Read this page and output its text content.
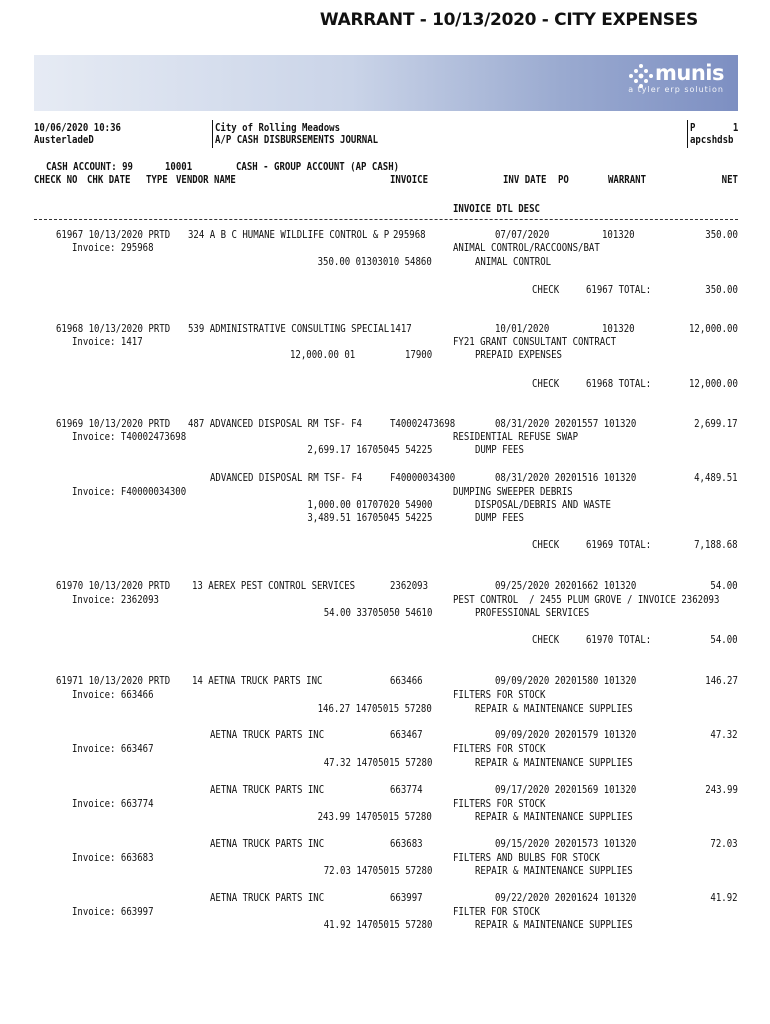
WARRANT - 10/13/2020 - CITY EXPENSES
munis
a tyler erp solution
10/06/2020 10:36
AusterladeD
City of Rolling Meadows
A/P CASH DISBURSEMENTS JOURNAL
P	1
apcshdsb
CASH ACCOUNT: 99	10001	CASH - GROUP ACCOUNT (AP CASH)
CHECK NO CHK DATE TYPE VENDOR NAME	INVOICE	INV DATE PO	WARRANT	NET
INVOICE DTL DESC
61967 10/13/2020 PRTD 324 A B C HUMANE WILDLIFE CONTROL & P 295968	07/07/2020	101320	350.00
Invoice: 295968	ANIMAL CONTROL/RACCOONS/BAT
350.00 01303010 54860	ANIMAL CONTROL
CHECK	61967 TOTAL:	350.00
61968 10/13/2020 PRTD 539 ADMINISTRATIVE CONSULTING SPECIAL 1417	10/01/2020	101320	12,000.00
Invoice: 1417	FY21 GRANT CONSULTANT CONTRACT
12,000.00 01	17900	PREPAID EXPENSES
CHECK	61968 TOTAL:	12,000.00
61969 10/13/2020 PRTD 487 ADVANCED DISPOSAL RM TSF- F4	T40002473698	08/31/2020 20201557 101320	2,699.17
Invoice: T40002473698	RESIDENTIAL REFUSE SWAP
2,699.17 16705045 54225	DUMP FEES
ADVANCED DISPOSAL RM TSF- F4	F40000034300	08/31/2020 20201516 101320	4,489.51
Invoice: F40000034300	DUMPING SWEEPER DEBRIS
1,000.00 01707020 54900	DISPOSAL/DEBRIS AND WASTE
3,489.51 16705045 54225	DUMP FEES
CHECK	61969 TOTAL:	7,188.68
61970 10/13/2020 PRTD 13 AEREX PEST CONTROL SERVICES	2362093	09/25/2020 20201662 101320	54.00
Invoice: 2362093	PEST CONTROL  / 2455 PLUM GROVE / INVOICE 2362093
54.00 33705050 54610	PROFESSIONAL SERVICES
CHECK	61970 TOTAL:	54.00
61971 10/13/2020 PRTD 14 AETNA TRUCK PARTS INC	663466	09/09/2020 20201580 101320	146.27
Invoice: 663466	FILTERS FOR STOCK
146.27 14705015 57280	REPAIR & MAINTENANCE SUPPLIES
AETNA TRUCK PARTS INC	663467	09/09/2020 20201579 101320	47.32
Invoice: 663467	FILTERS FOR STOCK
47.32 14705015 57280	REPAIR & MAINTENANCE SUPPLIES
AETNA TRUCK PARTS INC	663774	09/17/2020 20201569 101320	243.99
Invoice: 663774	FILTERS FOR STOCK
243.99 14705015 57280	REPAIR & MAINTENANCE SUPPLIES
AETNA TRUCK PARTS INC	663683	09/15/2020 20201573 101320	72.03
Invoice: 663683	FILTERS AND BULBS FOR STOCK
72.03 14705015 57280	REPAIR & MAINTENANCE SUPPLIES
AETNA TRUCK PARTS INC	663997	09/22/2020 20201624 101320	41.92
Invoice: 663997	FILTER FOR STOCK
41.92 14705015 57280	REPAIR & MAINTENANCE SUPPLIES
